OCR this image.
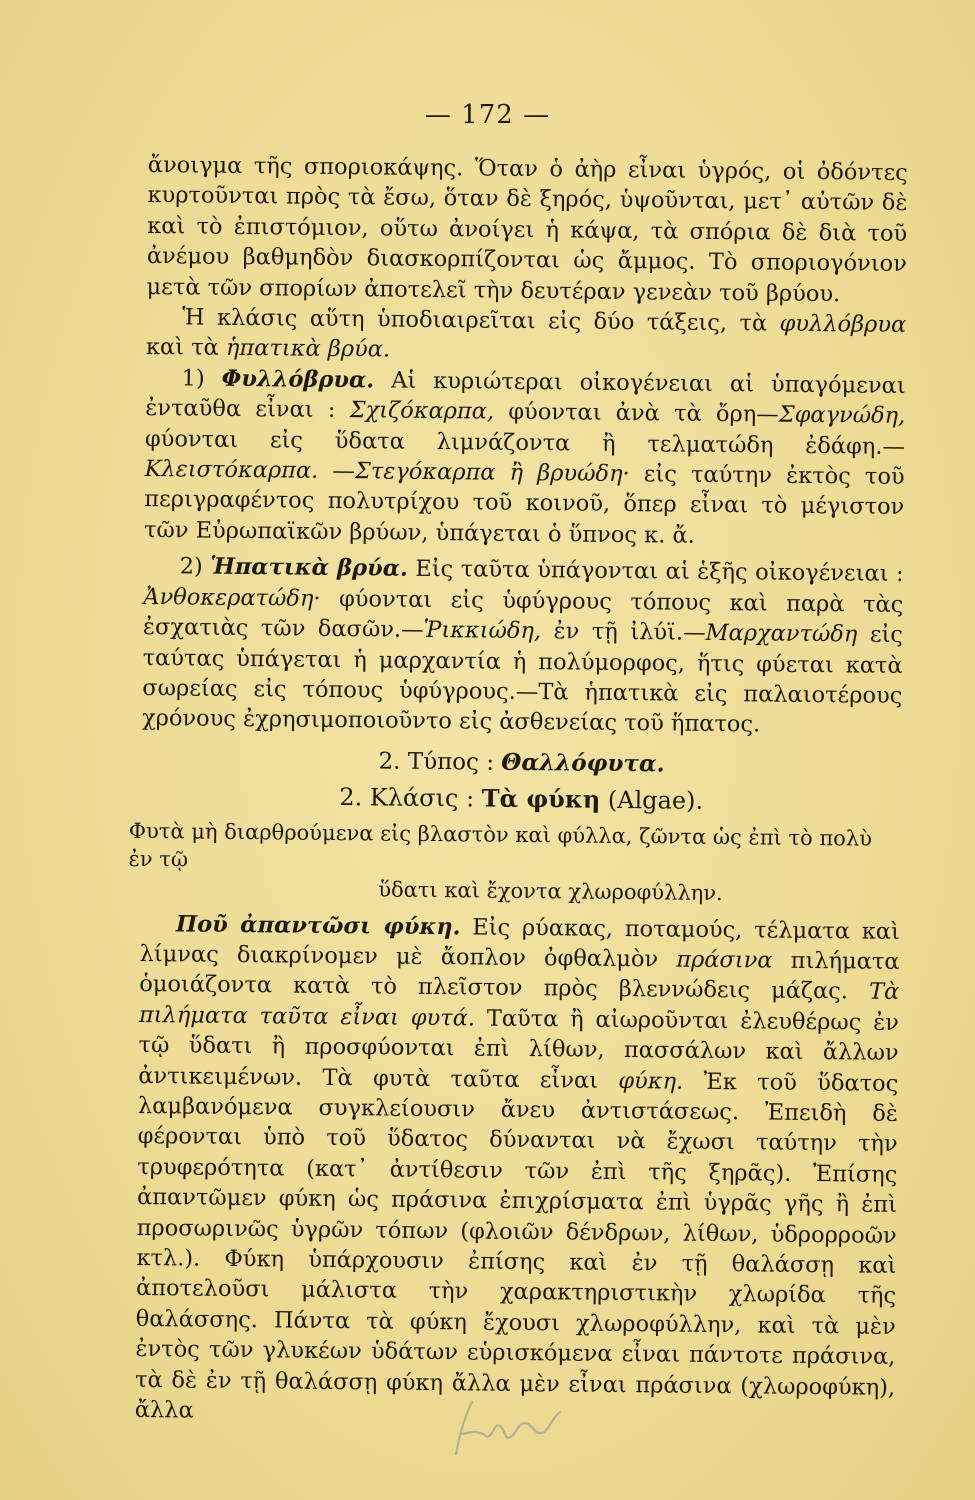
— 172 —

ἄνοιγμα τῆς σποριοκάψης. Ὅταν ὁ ἀὴρ εἶναι ὑγρός, οἱ ὀδόντες κυρτοῦνται πρὸς τὰ ἔσω, ὅταν δὲ ξηρός, ὑψοῦνται, μετ᾿ αὐτῶν δὲ καὶ τὸ ἐπιστόμιον, οὕτω ἀνοίγει ἡ κάψα, τὰ σπόρια δὲ διὰ τοῦ ἀνέμου βαθμηδὸν διασκορπίζονται ὡς ἄμμος. Τὸ σποριογόνιον μετὰ τῶν σπορίων ἀποτελεῖ τὴν δευτέραν γενεὰν τοῦ βρύου.

Ἡ κλάσις αὕτη ὑποδιαιρεῖται εἰς δύο τάξεις, τὰ φυλλόβρυα καὶ τὰ ἡπατικὰ βρύα.

1) Φυλλόβρυα. Αἱ κυριώτεραι οἰκογένειαι αἱ ὑπαγόμεναι ἐνταῦθα εἶναι : Σχιζόκαρπα, φύονται ἀνὰ τὰ ὄρη—Σφαγνώδη, φύονται εἰς ὕδατα λιμνάζοντα ἢ τελματώδη ἐδάφη.—Κλειστόκαρπα. —Στεγόκαρπα ἢ βρυώδη· εἰς ταύτην ἐκτὸς τοῦ περιγραφέντος πολυτρίχου τοῦ κοινοῦ, ὅπερ εἶναι τὸ μέγιστον τῶν Εὐρωπαϊκῶν βρύων, ὑπάγεται ὁ ὕπνος κ. ἄ.

2) Ἡπατικὰ βρύα. Εἰς ταῦτα ὑπάγονται αἱ ἑξῆς οἰκογένειαι : Ἀνθοκερατώδη· φύονται εἰς ὑφύγρους τόπους καὶ παρὰ τὰς ἐσχατιὰς τῶν δασῶν.—Ῥικκιώδη, ἐν τῇ ἰλύϊ.—Μαρχαντώδη εἰς ταύτας ὑπάγεται ἡ μαρχαντία ἡ πολύμορφος, ἥτις φύεται κατὰ σωρείας εἰς τόπους ὑφύγρους.—Τὰ ἡπατικὰ εἰς παλαιοτέρους χρόνους ἐχρησιμοποιοῦντο εἰς ἀσθενείας τοῦ ἥπατος.

2. Τύπος : Θαλλόφυτα.

2. Κλάσις : Τὰ φύκη (Algae).

Φυτὰ μὴ διαρθρούμενα εἰς βλαστὸν καὶ φύλλα, ζῶντα ὡς ἐπὶ τὸ πολὺ ἐν τῷ
ὕδατι καὶ ἔχοντα χλωροφύλλην.

Ποῦ ἀπαντῶσι φύκη. Εἰς ρύακας, ποταμούς, τέλματα καὶ λίμνας διακρίνομεν μὲ ἄοπλον ὀφθαλμὸν πράσινα πιλήματα ὁμοιάζοντα κατὰ τὸ πλεῖστον πρὸς βλεννώδεις μάζας. Τὰ πιλήματα ταῦτα εἶναι φυτά. Ταῦτα ἢ αἰωροῦνται ἐλευθέρως ἐν τῷ ὕδατι ἢ προσφύονται ἐπὶ λίθων, πασσάλων καὶ ἄλλων ἀντικειμένων. Τὰ φυτὰ ταῦτα εἶναι φύκη. Ἐκ τοῦ ὕδατος λαμβανόμενα συγκλείουσιν ἄνευ ἀντιστάσεως. Ἐπειδὴ δὲ φέρονται ὑπὸ τοῦ ὕδατος δύνανται νὰ ἔχωσι ταύτην τὴν τρυφερότητα (κατ᾿ ἀντίθεσιν τῶν ἐπὶ τῆς ξηρᾶς). Ἐπίσης ἀπαντῶμεν φύκη ὡς πράσινα ἐπιχρίσματα ἐπὶ ὑγρᾶς γῆς ἢ ἐπὶ προσωρινῶς ὑγρῶν τόπων (φλοιῶν δένδρων, λίθων, ὑδρορροῶν κτλ.). Φύκη ὑπάρχουσιν ἐπίσης καὶ ἐν τῇ θαλάσσῃ καὶ ἀποτελοῦσι μάλιστα τὴν χαρακτηριστικὴν χλωρίδα τῆς θαλάσσης. Πάντα τὰ φύκη ἔχουσι χλωροφύλλην, καὶ τὰ μὲν ἐντὸς τῶν γλυκέων ὑδάτων εὑρισκόμενα εἶναι πάντοτε πράσινα, τὰ δὲ ἐν τῇ θαλάσσῃ φύκη ἄλλα μὲν εἶναι πράσινα (χλωροφύκη), ἄλλα
